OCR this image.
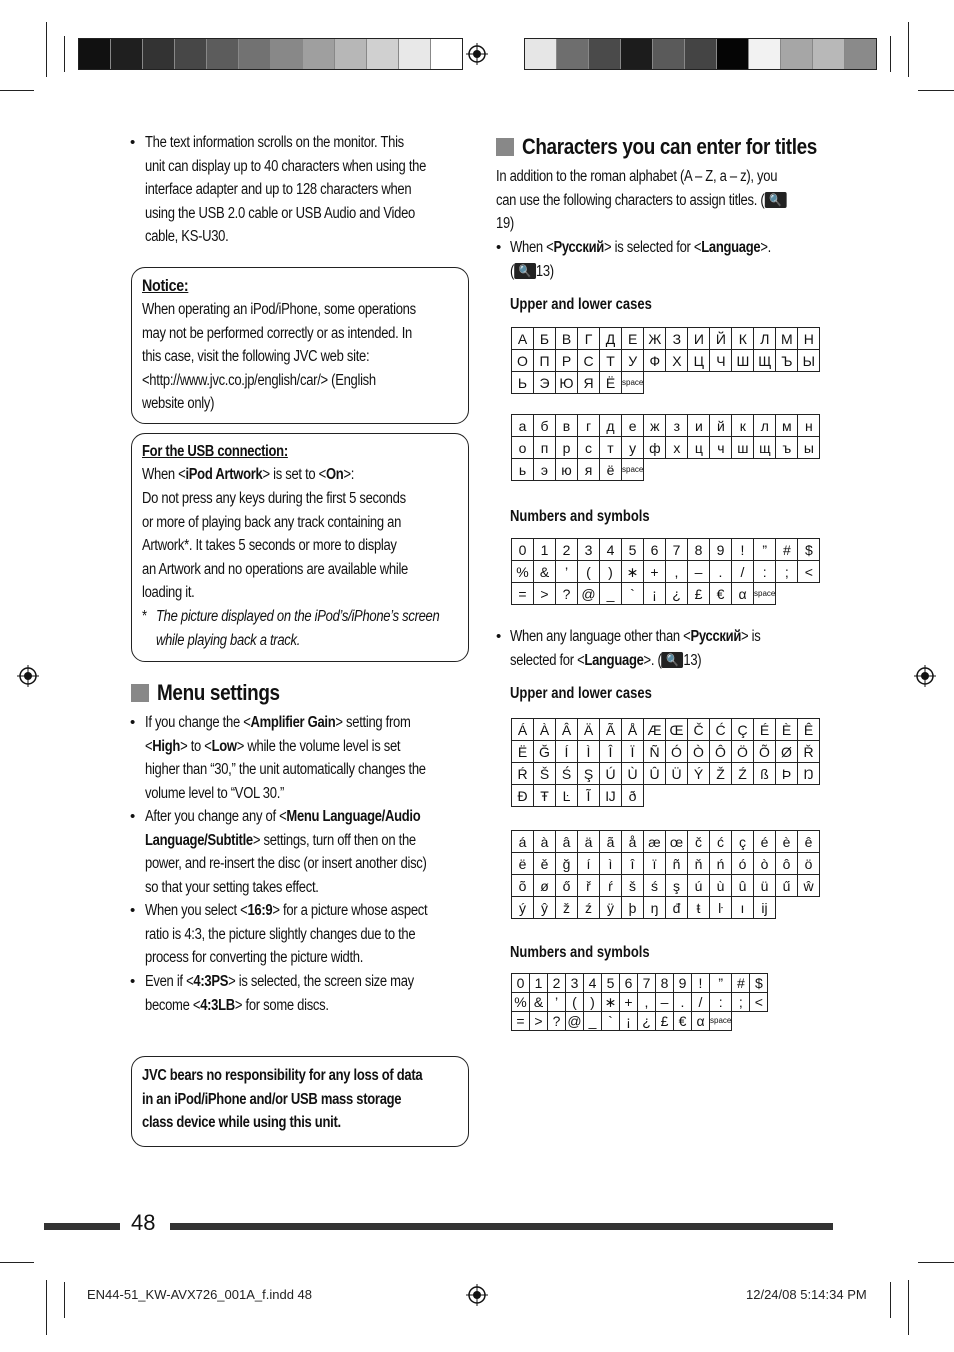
• The text information scrolls on the monitor. This
unit can display up to 40 characters when using the
interface adapter and up to 128 characters when
using the USB 2.0 cable or USB Audio and Video
cable, KS-U30.
Notice:
When operating an iPod/iPhone, some operations
may not be performed correctly or as intended. In
this case, visit the following JVC web site:
<http://www.jvc.co.jp/english/car/> (English
website only)
For the USB connection:
When <iPod Artwork> is set to <On>:
Do not press any keys during the first 5 seconds
or more of playing back any track containing an
Artwork*. It takes 5 seconds or more to display
an Artwork and no operations are available while
loading it.
* The picture displayed on the iPod’s/iPhone’s screen
while playing back a track.
Menu settings
• If you change the <Amplifier Gain> setting from
<High> to <Low> while the volume level is set
higher than “30,” the unit automatically changes the
volume level to “VOL 30.”
• After you change any of <Menu Language/Audio
Language/Subtitle> settings, turn off then on the
power, and re-insert the disc (or insert another disc)
so that your setting takes effect.
• When you select <16:9> for a picture whose aspect
ratio is 4:3, the picture slightly changes due to the
process for converting the picture width.
• Even if <4:3PS> is selected, the screen size may
become <4:3LB> for some discs.
JVC bears no responsibility for any loss of data
in an iPod/iPhone and/or USB mass storage
class device while using this unit.
Characters you can enter for titles
In addition to the roman alphabet (A – Z, a – z), you
can use the following characters to assign titles. ( 🔍
19)
• When <Русский> is selected for <Language>.
( 🔍 13)
Upper and lower cases
А	Б	В	Г	Д	Е	Ж	З	И	Й	К	Л	М	Н
О	П	Р	С	Т	У	Ф	Х	Ц	Ч	Ш	Щ	Ъ	Ы
Ь	Э	Ю	Я	Ё	space								
а	б	в	г	д	е	ж	з	и	й	к	л	м	н
о	п	р	с	т	у	ф	х	ц	ч	ш	щ	ъ	ы
ь	э	ю	я	ё	space								
Numbers and symbols
0	1	2	3	4	5	6	7	8	9	!	”	#	$
%	&	’	(	)	∗	+	,	–	.	/	:	;	<
=	>	?	@	_	`	¡	¿	£	€	α	space		
• When any language other than <Русский> is
selected for <Language>. ( 🔍 13)
Upper and lower cases
Á	À	Â	Ä	Ã	Å	Æ	Œ	Č	Ć	Ç	É	È	Ê
Ë	Ğ	Í	Ì	Î	Ï	Ñ	Ó	Ò	Ô	Ö	Õ	Ø	Ř
Ŕ	Š	Ś	Ş	Ú	Ù	Û	Ü	Ý	Ž	Ź	ß	Þ	Ŋ
Đ	Ŧ	Ŀ	Ĩ	Ĳ	ð								
á	à	â	ä	ã	å	æ	œ	č	ć	ç	é	è	ê
ë	ě	ğ	í	ì	î	ï	ñ	ň	ń	ó	ò	ô	ö
õ	ø	ő	ř	ŕ	š	ś	ş	ú	ù	û	ü	ű	ŵ
ý	ŷ	ž	ź	ÿ	þ	ŋ	đ	ŧ	ŀ	ı	ĳ		
Numbers and symbols
0	1	2	3	4	5	6	7	8	9	!	”	#	$
%	&	’	(	)	∗	+	,	–	.	/	:	;	<
=	>	?	@	_	`	¡	¿	£	€	α	space		
48
EN44-51_KW-AVX726_001A_f.indd 48	12/24/08 5:14:34 PM
